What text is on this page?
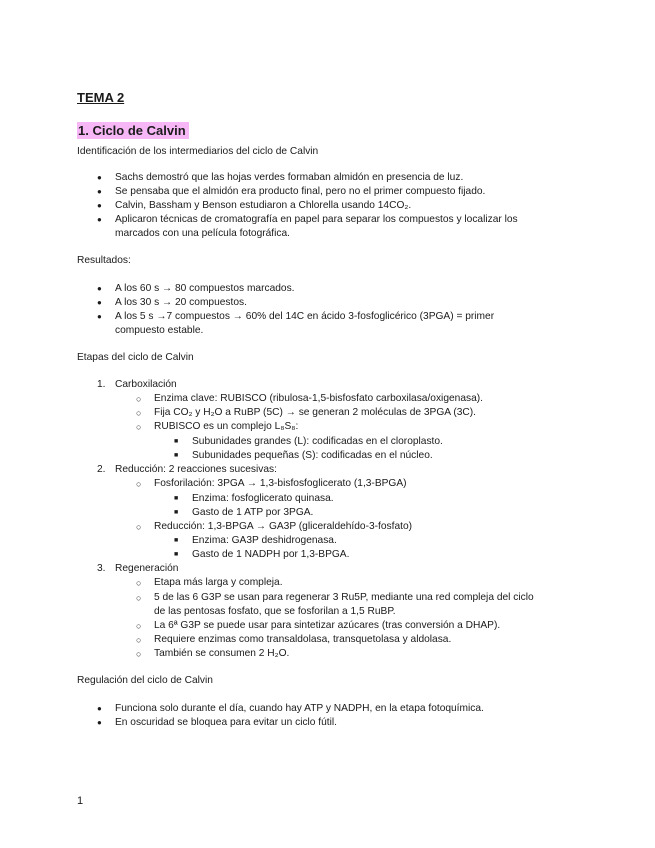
TEMA 2
1. Ciclo de Calvin
Identificación de los intermediarios del ciclo de Calvin
● Sachs demostró que las hojas verdes formaban almidón en presencia de luz.
● Se pensaba que el almidón era producto final, pero no el primer compuesto fijado.
● Calvin, Bassham y Benson estudiaron a Chlorella usando 14CO₂.
● Aplicaron técnicas de cromatografía en papel para separar los compuestos y localizar los
marcados con una película fotográfica.
Resultados:
● A los 60 s → 80 compuestos marcados.
● A los 30 s → 20 compuestos.
● A los 5 s →7 compuestos → 60% del 14C en ácido 3-fosfoglicérico (3PGA) = primer
compuesto estable.
Etapas del ciclo de Calvin
1. Carboxilación
○ Enzima clave: RUBISCO (ribulosa-1,5-bisfosfato carboxilasa/oxigenasa).
○ Fija CO₂ y H₂O a RuBP (5C) → se generan 2 moléculas de 3PGA (3C).
○ RUBISCO es un complejo L₈S₈:
■ Subunidades grandes (L): codificadas en el cloroplasto.
■ Subunidades pequeñas (S): codificadas en el núcleo.
2. Reducción: 2 reacciones sucesivas:
○ Fosforilación: 3PGA → 1,3-bisfosfoglicerato (1,3-BPGA)
■ Enzima: fosfoglicerato quinasa.
■ Gasto de 1 ATP por 3PGA.
○ Reducción: 1,3-BPGA → GA3P (gliceraldehído-3-fosfato)
■ Enzima: GA3P deshidrogenasa.
■ Gasto de 1 NADPH por 1,3-BPGA.
3. Regeneración
○ Etapa más larga y compleja.
○ 5 de las 6 G3P se usan para regenerar 3 Ru5P, mediante una red compleja del ciclo
de las pentosas fosfato, que se fosforilan a 1,5 RuBP.
○ La 6ª G3P se puede usar para sintetizar azúcares (tras conversión a DHAP).
○ Requiere enzimas como transaldolasa, transquetolasa y aldolasa.
○ También se consumen 2 H₂O.
Regulación del ciclo de Calvin
● Funciona solo durante el día, cuando hay ATP y NADPH, en la etapa fotoquímica.
● En oscuridad se bloquea para evitar un ciclo fútil.
1
